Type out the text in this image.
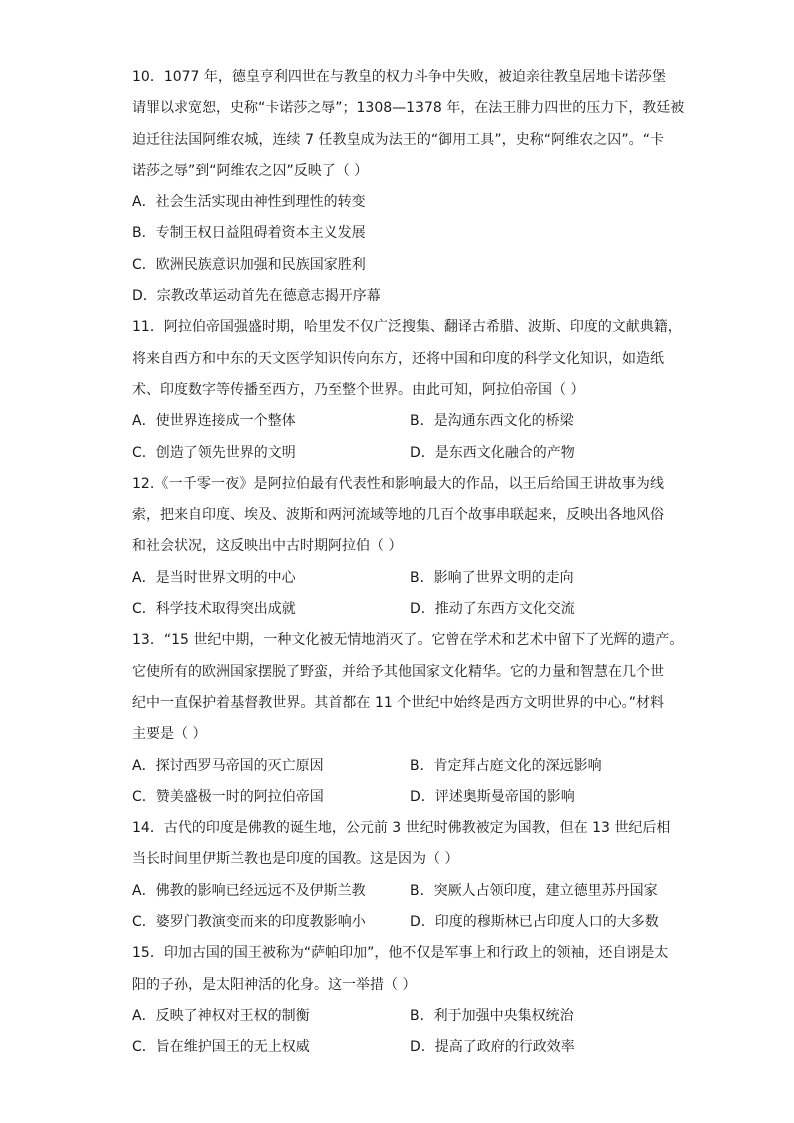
10．1077 年，德皇亨利四世在与教皇的权力斗争中失败，被迫亲往教皇居地卡诺莎堡
请罪以求宽恕，史称“卡诺莎之辱”；1308—1378 年，在法王腓力四世的压力下，教廷被
迫迁往法国阿维农城，连续 7 任教皇成为法王的“御用工具”，史称“阿维农之囚”。“卡
诺莎之辱”到“阿维农之囚”反映了（ ）
A．社会生活实现由神性到理性的转变
B．专制王权日益阻碍着资本主义发展
C．欧洲民族意识加强和民族国家胜利
D．宗教改革运动首先在德意志揭开序幕
11．阿拉伯帝国强盛时期，哈里发不仅广泛搜集、翻译古希腊、波斯、印度的文献典籍，
将来自西方和中东的天文医学知识传向东方，还将中国和印度的科学文化知识，如造纸
术、印度数字等传播至西方，乃至整个世界。由此可知，阿拉伯帝国（ ）
A．使世界连接成一个整体	B．是沟通东西文化的桥梁
C．创造了领先世界的文明	D．是东西文化融合的产物
12.《一千零一夜》是阿拉伯最有代表性和影响最大的作品，以王后给国王讲故事为线
索，把来自印度、埃及、波斯和两河流域等地的几百个故事串联起来，反映出各地风俗
和社会状况，这反映出中古时期阿拉伯（ ）
A．是当时世界文明的中心	B．影响了世界文明的走向
C．科学技术取得突出成就	D．推动了东西方文化交流
13．“15 世纪中期，一种文化被无情地消灭了。它曾在学术和艺术中留下了光辉的遗产。
它使所有的欧洲国家摆脱了野蛮，并给予其他国家文化精华。它的力量和智慧在几个世
纪中一直保护着基督教世界。其首都在 11 个世纪中始终是西方文明世界的中心。”材料
主要是（ ）
A．探讨西罗马帝国的灭亡原因	B．肯定拜占庭文化的深远影响
C．赞美盛极一时的阿拉伯帝国	D．评述奥斯曼帝国的影响
14．古代的印度是佛教的诞生地，公元前 3 世纪时佛教被定为国教，但在 13 世纪后相
当长时间里伊斯兰教也是印度的国教。这是因为（ ）
A．佛教的影响已经远远不及伊斯兰教	B．突厥人占领印度，建立德里苏丹国家
C．婆罗门教演变而来的印度教影响小	D．印度的穆斯林已占印度人口的大多数
15．印加古国的国王被称为“萨帕印加”，他不仅是军事上和行政上的领袖，还自诩是太
阳的子孙，是太阳神活的化身。这一举措（ ）
A．反映了神权对王权的制衡	B．利于加强中央集权统治
C．旨在维护国王的无上权威	D．提高了政府的行政效率
